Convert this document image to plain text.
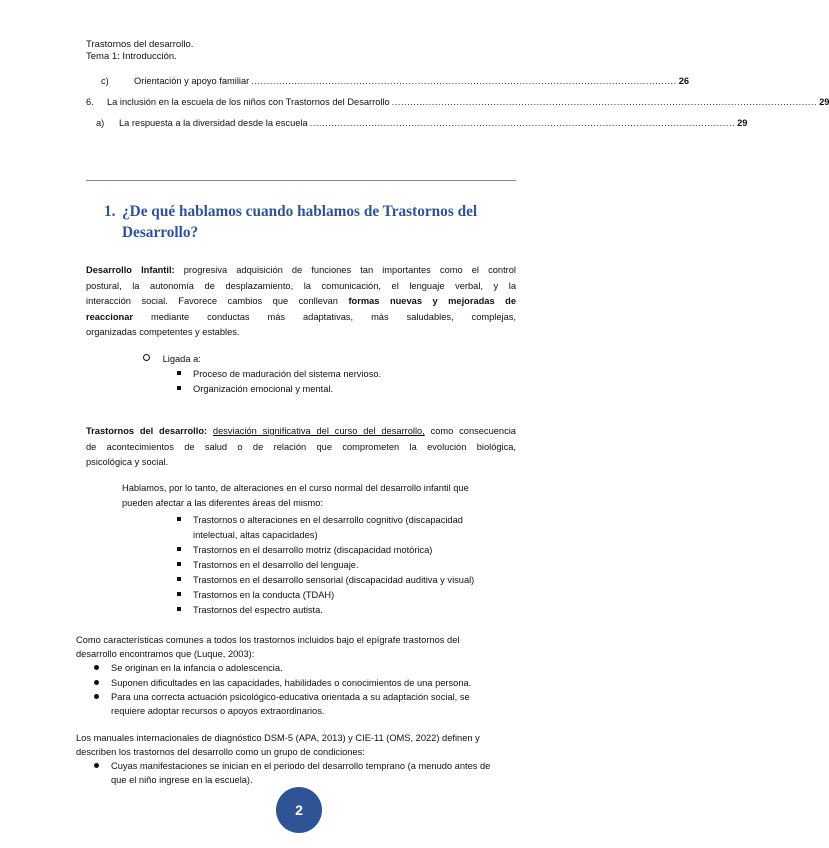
Trastornos del desarrollo.
Tema 1: Introducción.
c)	Orientación y apoyo familiar .......................................................................................................................................... 26
6.	La inclusión en la escuela de los niños con Trastornos del Desarrollo .......................................................................................................................................... 29
a)	La respuesta a la diversidad desde la escuela .......................................................................................................................................... 29
1. ¿De qué hablamos cuando hablamos de Trastornos del
Desarrollo?
Desarrollo Infantil: progresiva adquisición de funciones tan importantes como el control
postural, la autonomía de desplazamiento, la comunicación, el lenguaje verbal, y la
interacción social. Favorece cambios que conllevan formas nuevas y mejoradas de
reaccionar mediante conductas más adaptativas, más saludables, complejas,
organizadas competentes y estables.
Ligada a:
Proceso de maduración del sistema nervioso.
Organización emocional y mental.
Trastornos del desarrollo: desviación significativa del curso del desarrollo, como consecuencia
de acontecimientos de salud o de relación que comprometen la evolución biológica,
psicológica y social.
Hablamos, por lo tanto, de alteraciones en el curso normal del desarrollo infantil que
pueden afectar a las diferentes áreas del mismo:
Trastornos o alteraciones en el desarrollo cognitivo (discapacidad
intelectual, altas capacidades)
Trastornos en el desarrollo motriz (discapacidad motórica)
Trastornos en el desarrollo del lenguaje.
Trastornos en el desarrollo sensorial (discapacidad auditiva y visual)
Trastornos en la conducta (TDAH)
Trastornos del espectro autista.
Como características comunes a todos los trastornos incluidos bajo el epígrafe trastornos del
desarrollo encontramos que (Luque, 2003):
Se originan en la infancia o adolescencia.
Suponen dificultades en las capacidades, habilidades o conocimientos de una persona.
Para una correcta actuación psicológico-educativa orientada a su adaptación social, se
requiere adoptar recursos o apoyos extraordinarios.
Los manuales internacionales de diagnóstico DSM-5 (APA, 2013) y CIE-11 (OMS, 2022) definen y
describen los trastornos del desarrollo como un grupo de condiciones:
Cuyas manifestaciones se inician en el periodo del desarrollo temprano (a menudo antes de
que el niño ingrese en la escuela).
2
